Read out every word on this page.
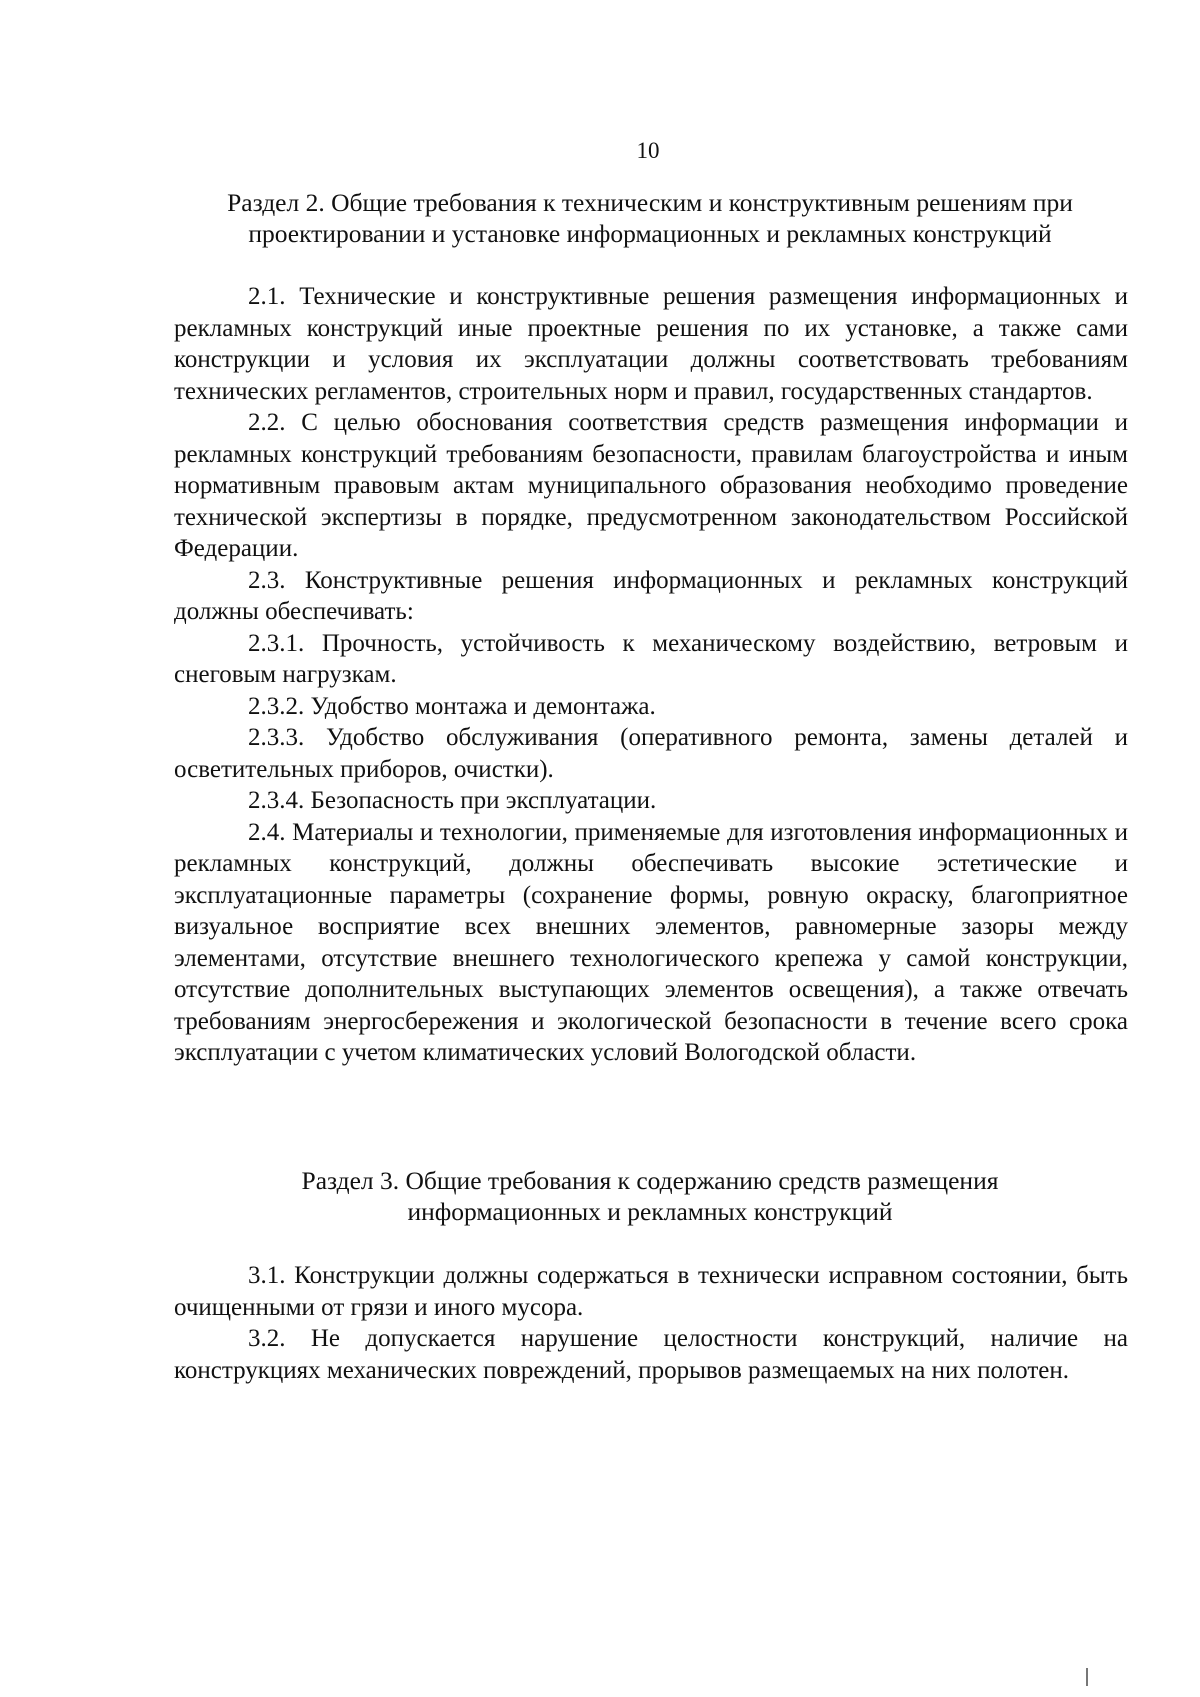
10
Раздел 2. Общие требования к техническим и конструктивным решениям при
проектировании и установке информационных и рекламных конструкций

2.1. Технические и конструктивные решения размещения информационных и рекламных конструкций иные проектные решения по их установке, а также сами конструкции и условия их эксплуатации должны соответствовать требованиям технических регламентов, строительных норм и правил, государственных стандартов.

2.2. С целью обоснования соответствия средств размещения информации и рекламных конструкций требованиям безопасности, правилам благоустройства и иным нормативным правовым актам муниципального образования необходимо проведение технической экспертизы в порядке, предусмотренном законодательством Российской Федерации.

2.3. Конструктивные решения информационных и рекламных конструкций должны обеспечивать:

2.3.1. Прочность, устойчивость к механическому воздействию, ветровым и снеговым нагрузкам.

2.3.2. Удобство монтажа и демонтажа.

2.3.3. Удобство обслуживания (оперативного ремонта, замены деталей и осветительных приборов, очистки).

2.3.4. Безопасность при эксплуатации.

2.4. Материалы и технологии, применяемые для изготовления информационных и рекламных конструкций, должны обеспечивать высокие эстетические и эксплуатационные параметры (сохранение формы, ровную окраску, благоприятное визуальное восприятие всех внешних элементов, равномерные зазоры между элементами, отсутствие внешнего технологического крепежа у самой конструкции, отсутствие дополнительных выступающих элементов освещения), а также отвечать требованиям энергосбережения и экологической безопасности в течение всего срока эксплуатации с учетом климатических условий Вологодской области.

Раздел 3. Общие требования к содержанию средств размещения
информационных и рекламных конструкций

3.1. Конструкции должны содержаться в технически исправном состоянии, быть очищенными от грязи и иного мусора.

3.2. Не допускается нарушение целостности конструкций, наличие на конструкциях механических повреждений, прорывов размещаемых на них полотен.
